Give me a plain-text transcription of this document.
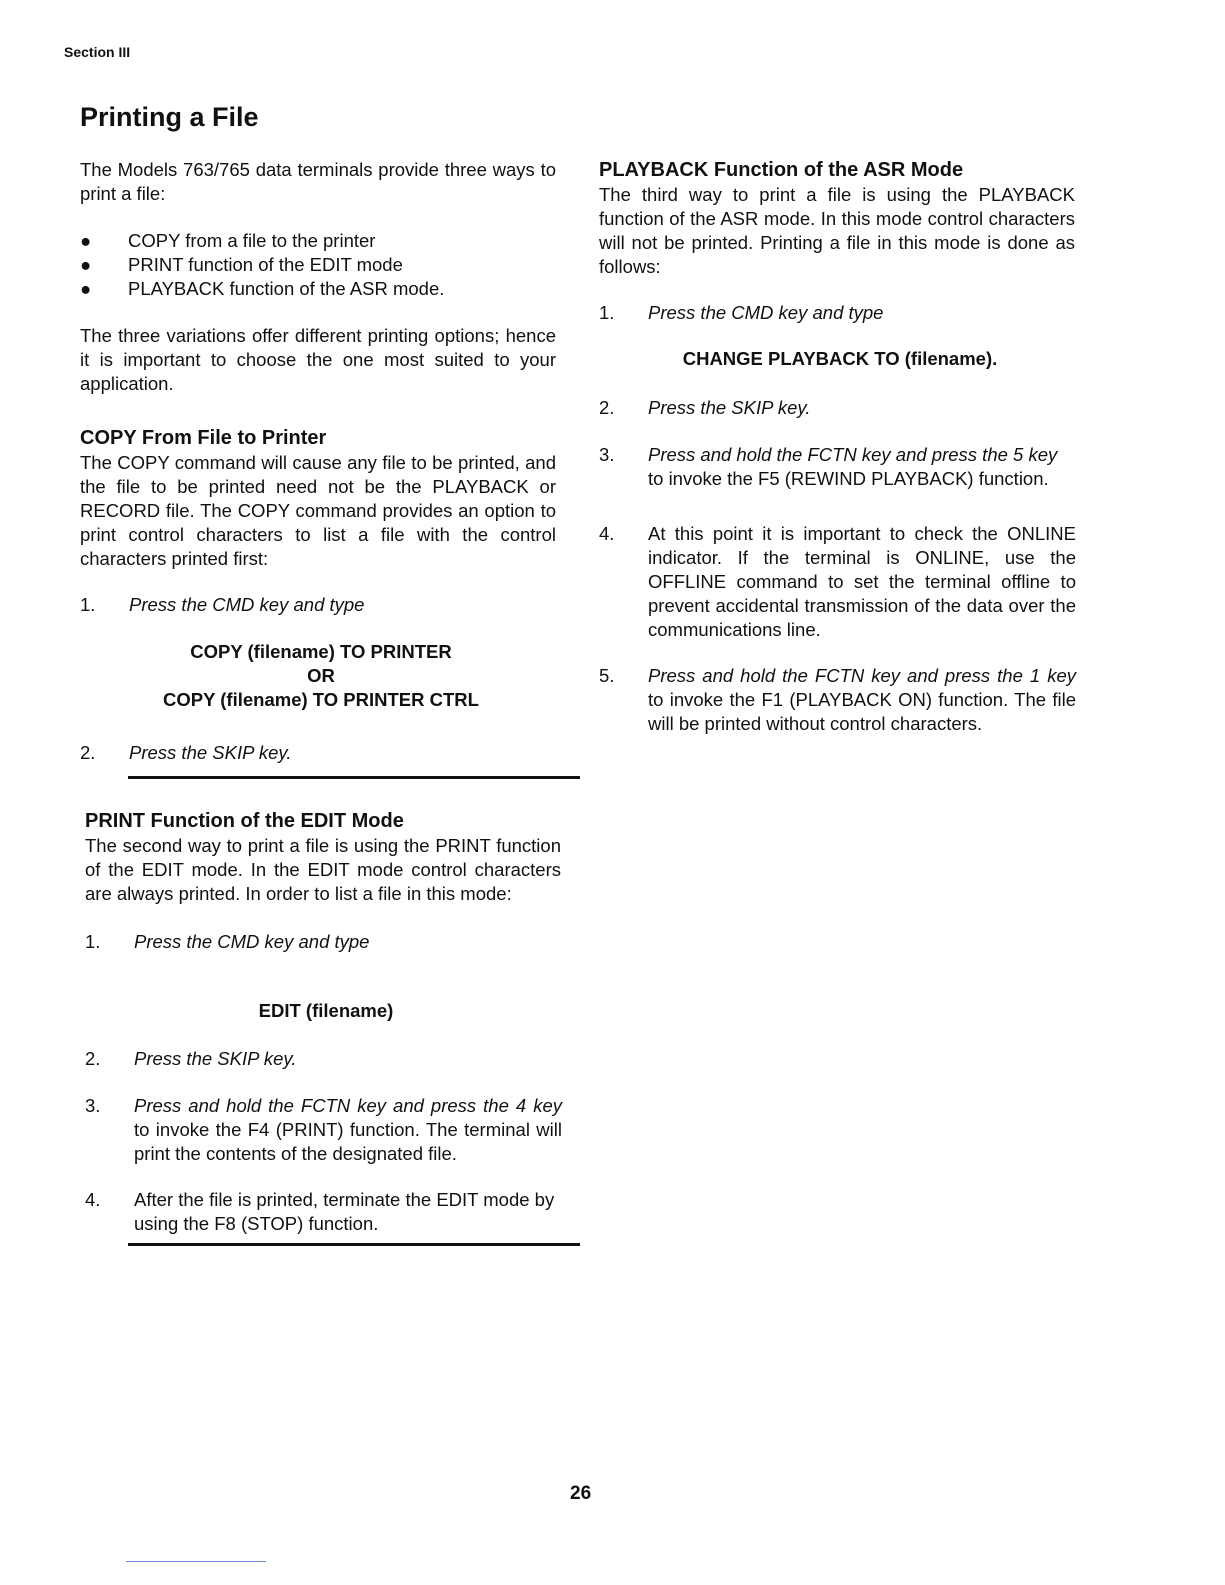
Section III
Printing a File

The Models 763/765 data terminals provide three ways to print a file:

●	COPY from a file to the printer
●	PRINT function of the EDIT mode
●	PLAYBACK function of the ASR mode.

The three variations offer different printing options; hence it is important to choose the one most suited to your application.

COPY From File to Printer

The COPY command will cause any file to be printed, and the file to be printed need not be the PLAYBACK or RECORD file. The COPY command provides an option to print control characters to list a file with the control characters printed first:

1. Press the CMD key and type
COPY (filename) TO PRINTER
OR
COPY (filename) TO PRINTER CTRL
2. Press the SKIP key.
PRINT Function of the EDIT Mode

The second way to print a file is using the PRINT function of the EDIT mode. In the EDIT mode control characters are always printed. In order to list a file in this mode:

1. Press the CMD key and type
EDIT (filename)
2. Press the SKIP key.
3. Press and hold the FCTN key and press the 4 key to invoke the F4 (PRINT) function. The terminal will print the contents of the designated file.
4. After the file is printed, terminate the EDIT mode by using the F8 (STOP) function.
PLAYBACK Function of the ASR Mode

The third way to print a file is using the PLAYBACK function of the ASR mode. In this mode control characters will not be printed. Printing a file in this mode is done as follows:

1. Press the CMD key and type
CHANGE PLAYBACK TO (filename).
2. Press the SKIP key.
3. Press and hold the FCTN key and press the 5 key to invoke the F5 (REWIND PLAYBACK) function.
4. At this point it is important to check the ONLINE indicator. If the terminal is ONLINE, use the OFFLINE command to set the terminal offline to prevent accidental transmission of the data over the communications line.
5. Press and hold the FCTN key and press the 1 key to invoke the F1 (PLAYBACK ON) function. The file will be printed without control characters.
26
